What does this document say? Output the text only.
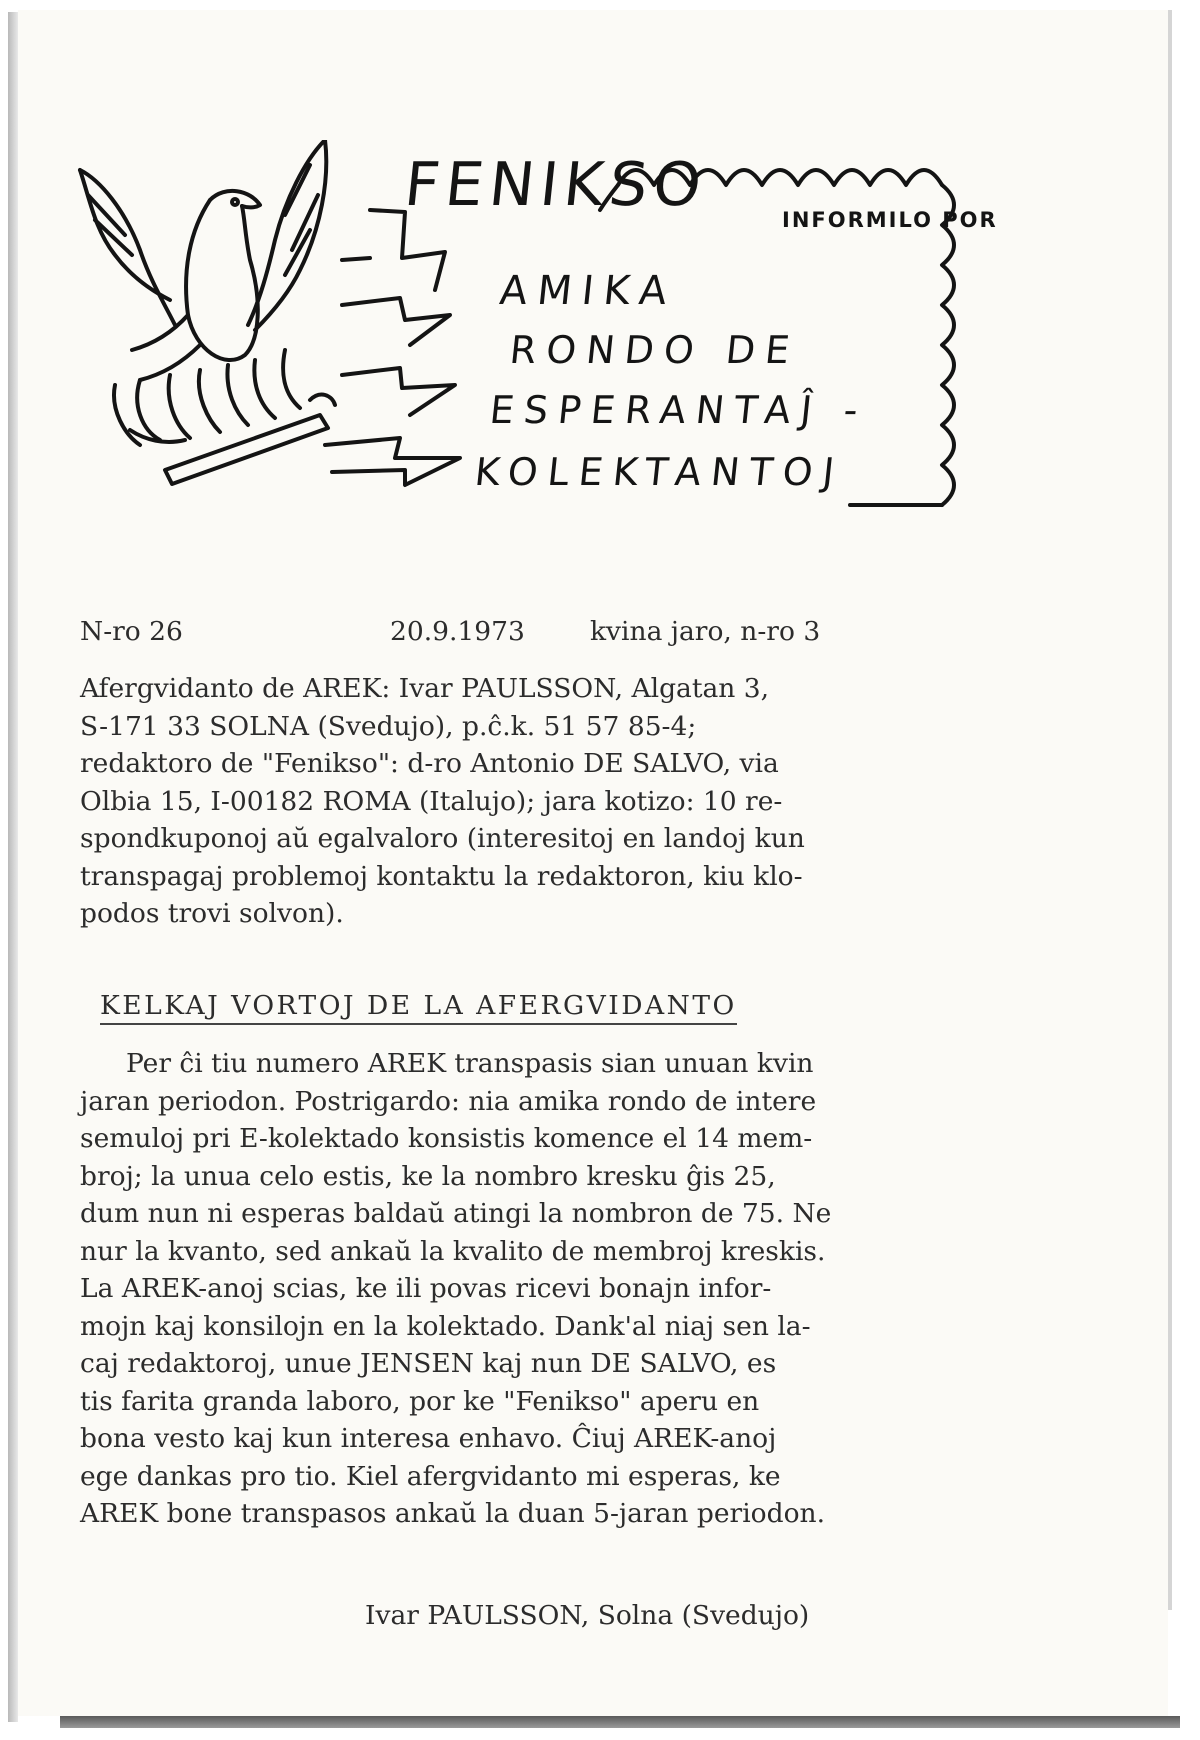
FENIKSO	INFORMILO POR
AMIKA
RONDO DE
ESPERANTAĴ -
KOLEKTANTOJ
N-ro 26	20.9.1973 kvina jaro, n-ro 3
Afergvidanto de AREK: Ivar PAULSSON, Algatan 3,
S-171 33 SOLNA (Svedujo), p.ĉ.k. 51 57 85-4;
redaktoro de "Fenikso": d-ro Antonio DE SALVO, via
Olbia 15, I-00182 ROMA (Italujo); jara kotizo: 10 re-
spondkuponoj aŭ egalvaloro (interesitoj en landoj kun
transpagaj problemoj kontaktu la redaktoron, kiu klo-
podos trovi solvon).
KELKAJ VORTOJ DE LA AFERGVIDANTO
Per ĉi tiu numero AREK transpasis sian unuan kvin
jaran periodon. Postrigardo: nia amika rondo de intere
semuloj pri E-kolektado konsistis komence el 14 mem-
broj; la unua celo estis, ke la nombro kresku ĝis 25,
dum nun ni esperas baldaŭ atingi la nombron de 75. Ne
nur la kvanto, sed ankaŭ la kvalito de membroj kreskis.
La AREK-anoj scias, ke ili povas ricevi bonajn infor-
mojn kaj konsilojn en la kolektado. Dank'al niaj sen la-
caj redaktoroj, unue JENSEN kaj nun DE SALVO, es
tis farita granda laboro, por ke "Fenikso" aperu en
bona vesto kaj kun interesa enhavo. Ĉiuj AREK-anoj
ege dankas pro tio. Kiel afergvidanto mi esperas, ke
AREK bone transpasos ankaŭ la duan 5-jaran periodon.
Ivar PAULSSON, Solna (Svedujo)
